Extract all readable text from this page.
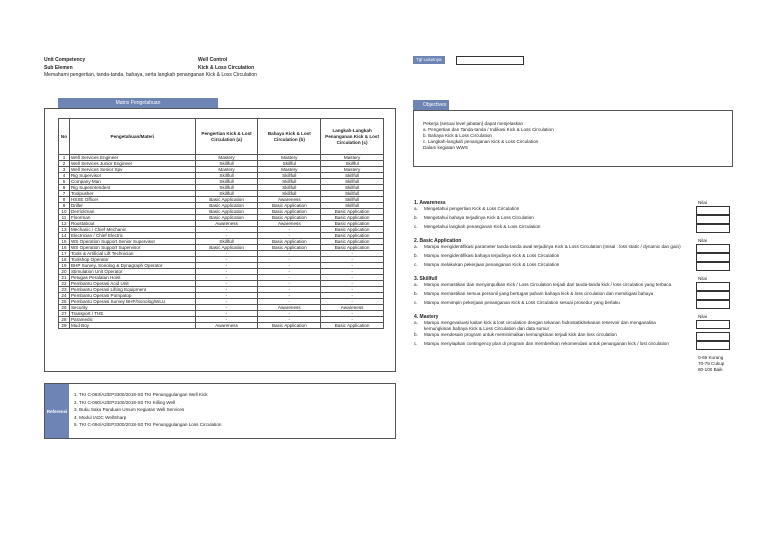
Unit Competency	Well Control
Sub Elemen	Kick & Loss Circulation
Memahami pengertian, tanda-tanda, bahaya, serta langkah penanganan Kick & Loss Circulation
Tgl Lulusnya
Matrix Pengetahuan
No	Pengetahuan/Materi	Pengertian Kick & Lost Circulation (a)	Bahaya Kick & Lost Circulation (b)	Langkah-Langkah Penanganan Kick & Lost Circulation (c)
1	Well Services Engineer	Mastery	Mastery	Mastery
2	Well Services Junior Engineer	Skillfull	Skillful	Skillful
3	Well Services Senior Spv	Mastery	Mastery	Mastery
4	Rig Supervisor	Skillfull	Skillfull	Skillfull
5	Company Man	Skillfull	Skillfull	Skillfull
6	Rig Superintendent	Skillfull	Skillfull	Skillfull
7	Toolpusher	Skillfull	Skillfull	Skillfull
8	HSSE Officer	Basic Application	Awareness	Skillfull
9	Driller	Basic Application	Basic Application	Skillfull
10	Derrickman	Basic Application	Basic Application	Basic Application
11	Floorman	Basic Application	Basic Application	Basic Application
12	Roustabout	Awareness	Awareness	Basic Application
13	Mechanic / Chief Mechanic	-	-	Basic Application
14	Electrician / Chief Electric	-	-	Basic Application
15	WS Operation Support Senior Supervisor	Skillfull	Basic Application	Basic Application
16	WS Operation Support Supervisor	Basic Application	Basic Application	Basic Application
17	Tools & Artificial Lift Technician	-	-	-
18	Toolshop Operator	-	-	-
19	BHP Survey, Sonolog & Dynagraph Operator	-	-	-
20	Stimulation Unit Operator	-	-	-
21	Petugas Peralatan Hoist	-	-	-
22	Pembantu Operasi Acid Unit	-	-	-
23	Pembantu Operasi Lifting Equipment	-	-	-
24	Pembantu Operasi Pompatop	-	-	-
25	Pembantu Operasi Survey BHP/Sonolog/WLU	-	-	-
26	Security	-	Awareness	Awareness
27	Transport / THE	-	-	-
28	Paramedic	-	-	-
29	Mud Boy	Awareness	Basic Application	Basic Application
Objectives
Pekerja (sesuai level jabatan) dapat menjelaskan :
a. Pengertian dan Tanda-tanda / Indikasi Kick & Loss Circulation
b. Bahaya Kick & Loss Circulation
c. Langkah-langkah penanganan Kick & Loss Circulation
Dalam kegiatan WWS
1. Awareness	Nilai
a.	Mengetahui pengertian Kick & Loss Circulation
b.	Mengetahui bahaya terjadinya Kick & Loss Circulation
c.	Mengetahui langkah penanganan Kick & Loss Circulation
2. Basic Application	Nilai
a.	Mampu mengidentifikasi parameter tanda-tanda awal terjadinya Kick & Loss Circulation (misal : loss static / dynamic dan gain)
b.	Mampu mengidentifikasi bahaya terjadinya Kick & Loss Circulation
c.	Mampu melakukan pekerjaan penanganan Kick & Loss Circulation
3. Skillfull	Nilai
a.	Mampu memastikan dan menyimpulkan Kick / Loss Circulation terjadi dari tanda-tanda kick / loss circulation yang terbaca
b.	Mampu memastikan semua personil yang bertugas paham bahaya kick & loss circulation dan memitigasi bahaya
c.	Mampu memimpin pekerjaan penanganan Kick & Loss Circulation sesuai prosedur yang berlaku
4. Mastery	Nilai
a.	Mampu mengevaluasi kaitan kick & lost circulation dengan tekanan hidrostatik/tekanan reservoir dan menganalisa kemungkinan bahaya Kick & Loss Circulation dari data sumur
b.	Mampu mendesain program untuk meminimalkan kemungkinan terjadi kick dan loss circulation
c.	Mampu menyiapkan contingency plan di program dan memberikan rekomendasi untuk penanganan kick / lost circulation
0-69 Kurang
70-79 Cukup
80-100 Baik
Referensi
1. TKI C-083/A2/EP3300/2018-S0 TKI Penanggulangan Well Kick
2. TKI C-090/A2/EP3100/2018-S0 TKI Killing Well
3. Buku Saku Panduan Umum Kegiatan Well Services
4. Modul IADC WellSharp
5. TKI C-094/A2/EP3300/2018-S0 TKI Penanggulangan Loss Circulation
